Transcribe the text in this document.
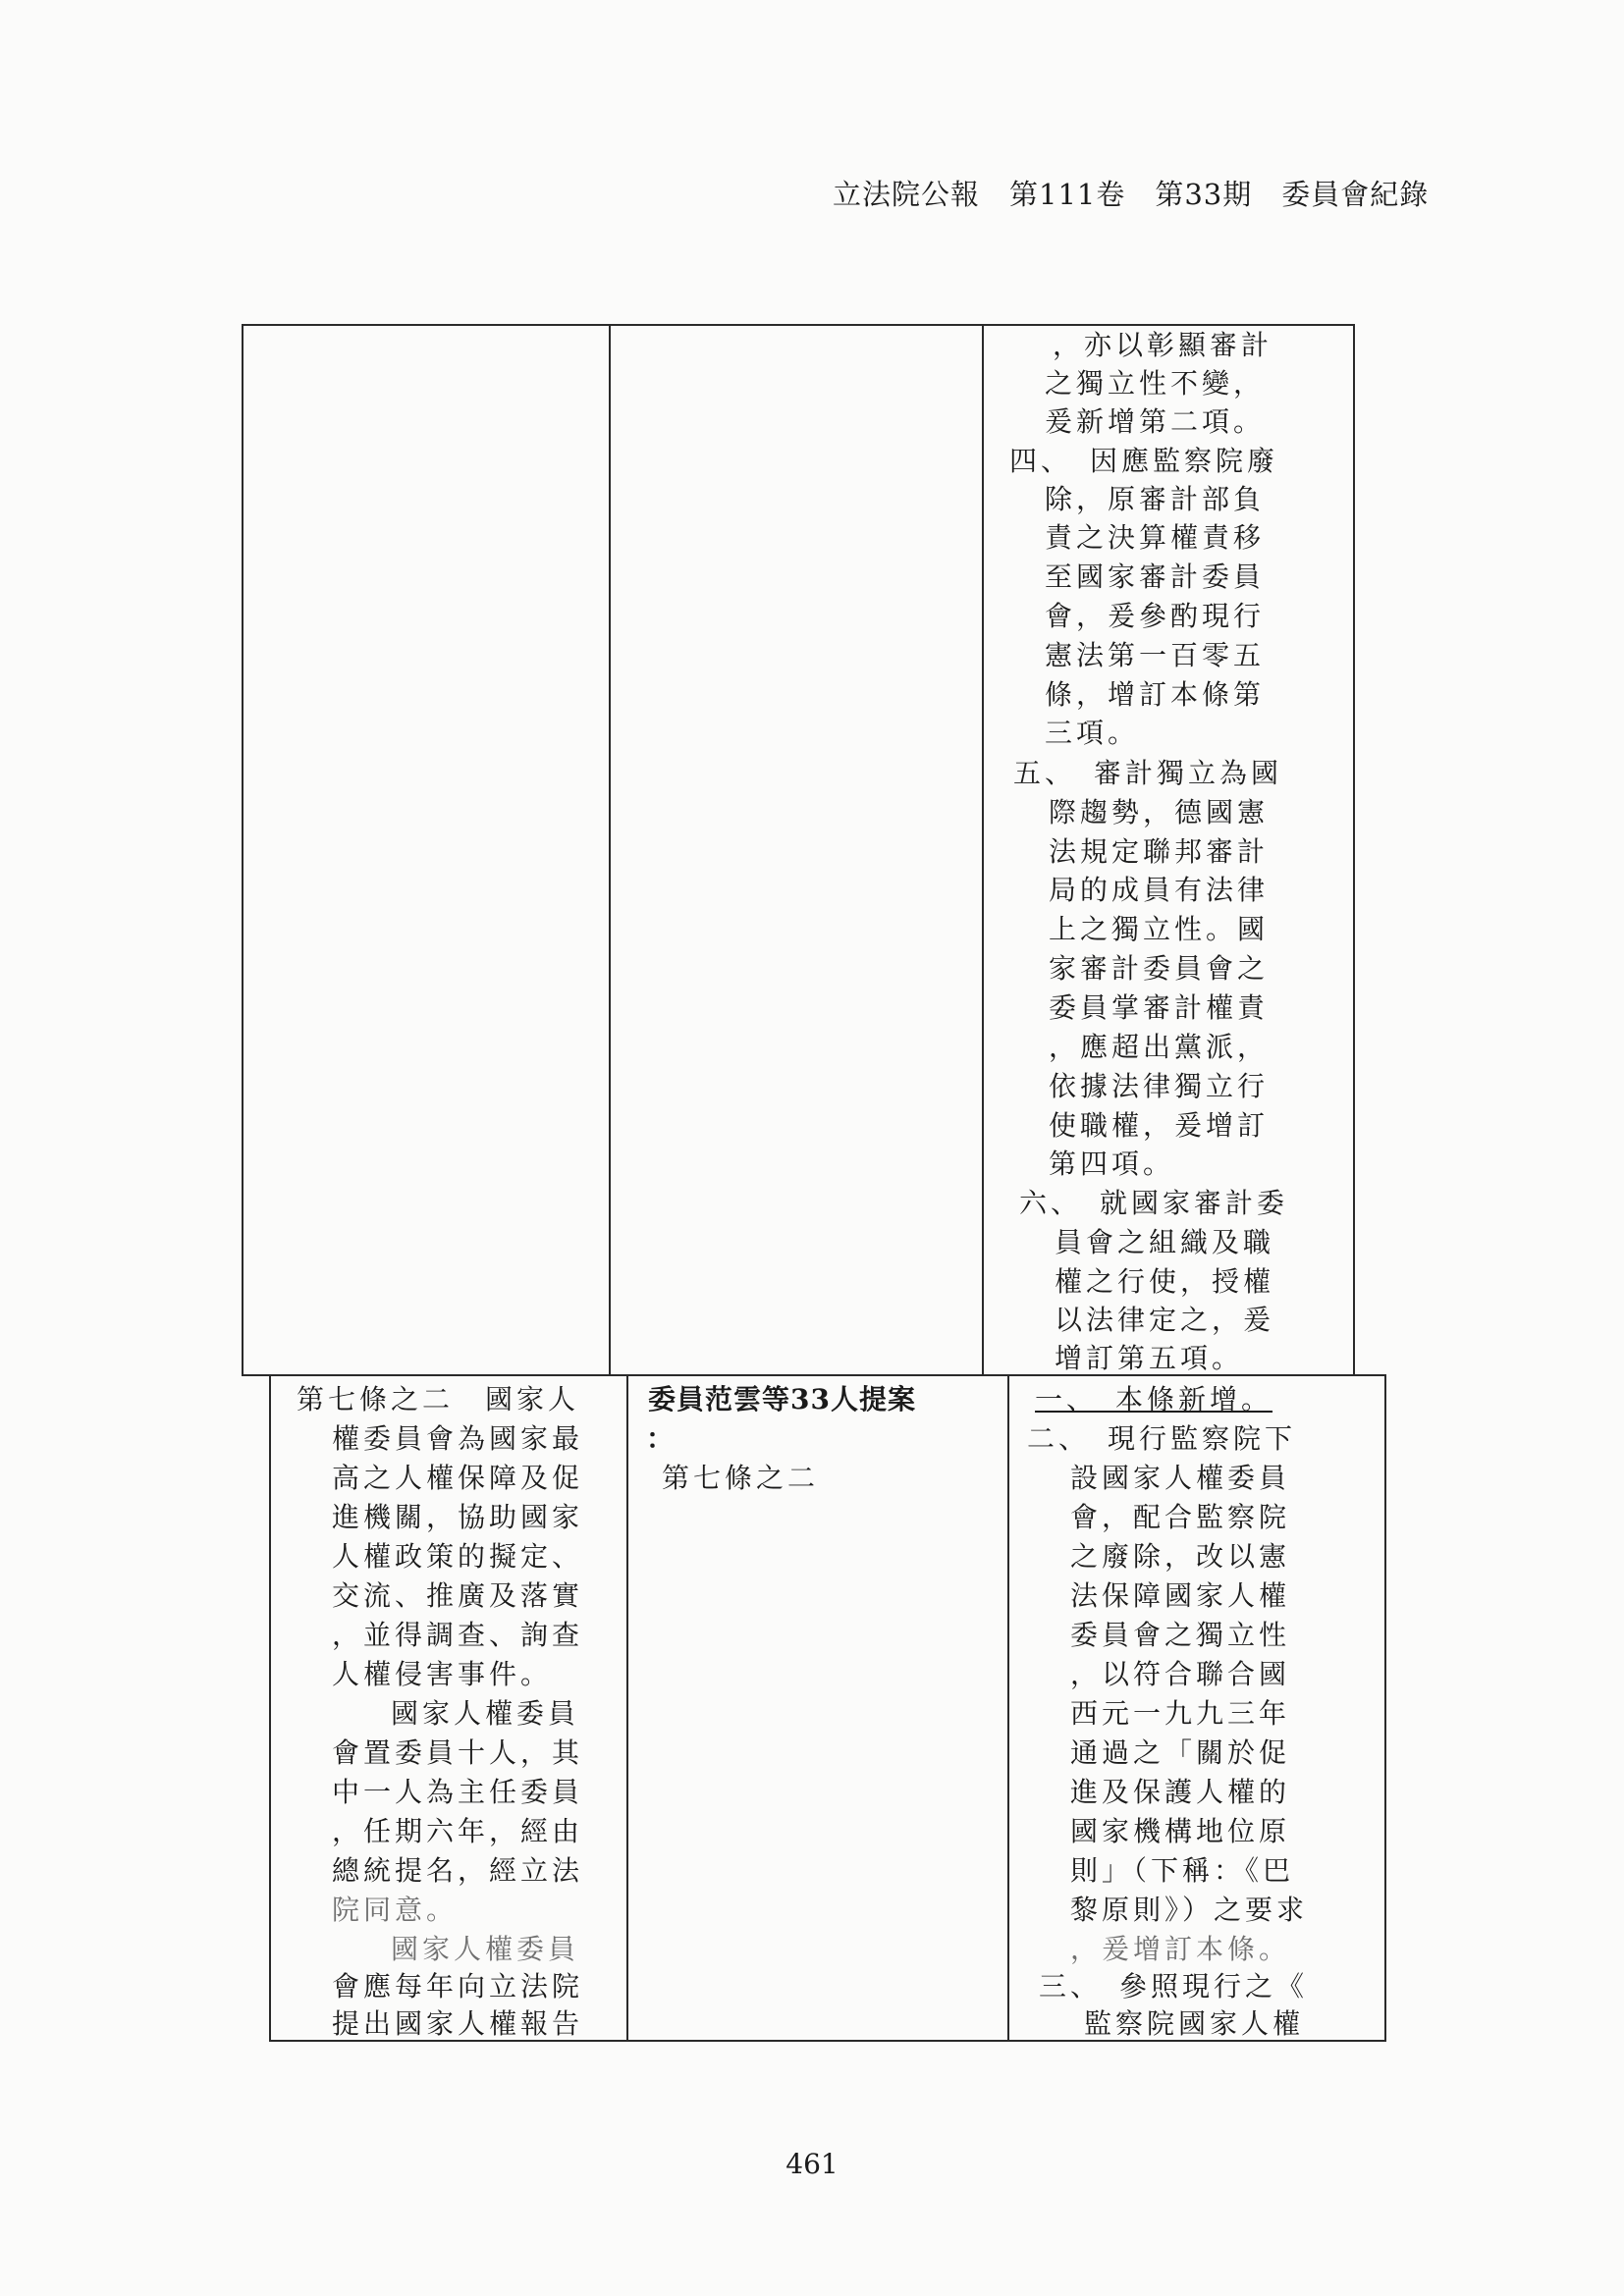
立法院公報　第111卷　第33期　委員會紀錄
，亦以彰顯審計
之獨立性不變，
爰新增第二項。
四、　因應監察院廢
除，原審計部負
責之決算權責移
至國家審計委員
會，爰參酌現行
憲法第一百零五
條，增訂本條第
三項。
五、　審計獨立為國
際趨勢，德國憲
法規定聯邦審計
局的成員有法律
上之獨立性。國
家審計委員會之
委員掌審計權責
，應超出黨派，
依據法律獨立行
使職權，爰增訂
第四項。
六、　就國家審計委
員會之組織及職
權之行使，授權
以法律定之，爰
增訂第五項。
第七條之二　國家人
權委員會為國家最
高之人權保障及促
進機關，協助國家
人權政策的擬定、
交流、推廣及落實
，並得調查、詢查
人權侵害事件。
國家人權委員
會置委員十人，其
中一人為主任委員
，任期六年，經由
總統提名，經立法
院同意。
國家人權委員
會應每年向立法院
提出國家人權報告
委員范雲等33人提案
：
第七條之二
一、　本條新增。
二、　現行監察院下
設國家人權委員
會，配合監察院
之廢除，改以憲
法保障國家人權
委員會之獨立性
，以符合聯合國
西元一九九三年
通過之「關於促
進及保護人權的
國家機構地位原
則」（下稱：《巴
黎原則》）之要求
，爰增訂本條。
三、　參照現行之《
監察院國家人權
461
